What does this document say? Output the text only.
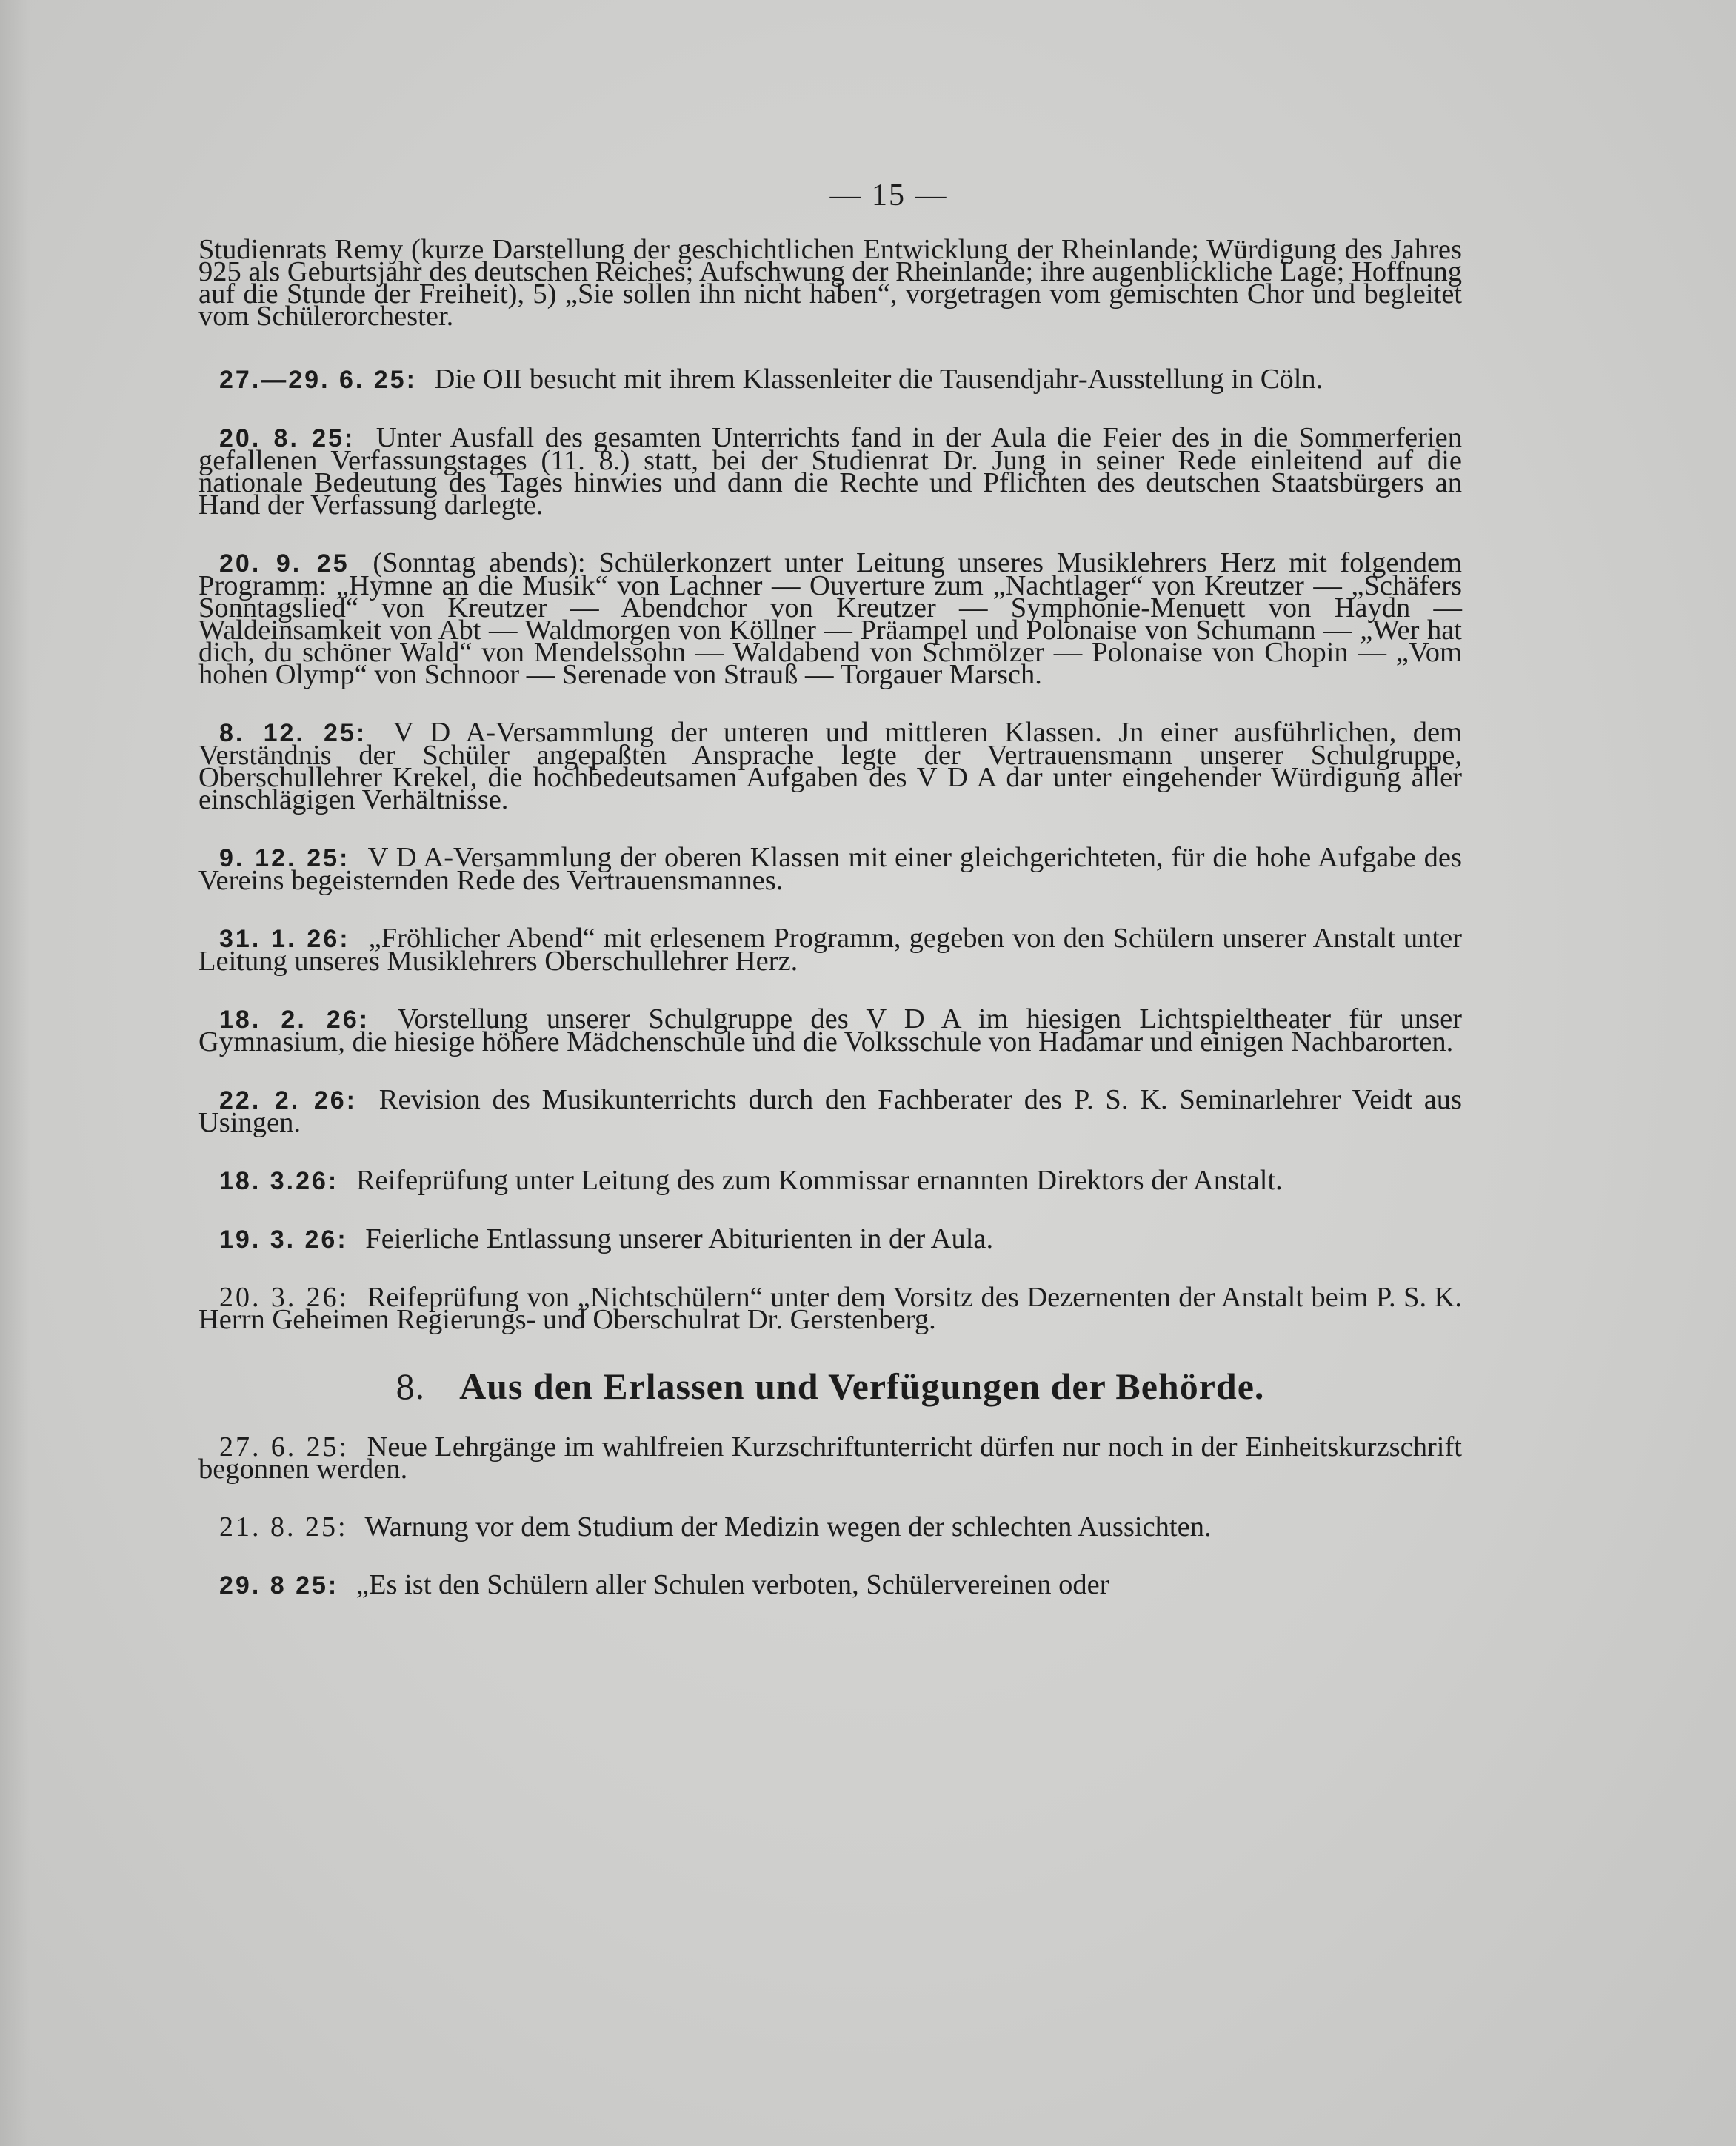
— 15 —

Studienrats Remy (kurze Darstellung der geschichtlichen Entwicklung der Rheinlande; Würdigung des Jahres 925 als Geburtsjahr des deutschen Reiches; Aufschwung der Rheinlande; ihre augenblickliche Lage; Hoffnung auf die Stunde der Freiheit), 5) „Sie sollen ihn nicht haben“, vorgetragen vom gemischten Chor und begleitet vom Schülerorchester.

27.—29. 6. 25: Die OII besucht mit ihrem Klassenleiter die Tausendjahr-Ausstellung in Cöln.

20. 8. 25: Unter Ausfall des gesamten Unterrichts fand in der Aula die Feier des in die Sommerferien gefallenen Verfassungstages (11. 8.) statt, bei der Studienrat Dr. Jung in seiner Rede einleitend auf die nationale Bedeutung des Tages hinwies und dann die Rechte und Pflichten des deutschen Staatsbürgers an Hand der Verfassung darlegte.

20. 9. 25 (Sonntag abends): Schülerkonzert unter Leitung unseres Musiklehrers Herz mit folgendem Programm: „Hymne an die Musik“ von Lachner — Ouverture zum „Nachtlager“ von Kreutzer — „Schäfers Sonntagslied“ von Kreutzer — Abendchor von Kreutzer — Symphonie-Menuett von Haydn — Waldeinsamkeit von Abt — Waldmorgen von Köllner — Präampel und Polonaise von Schumann — „Wer hat dich, du schöner Wald“ von Mendelssohn — Waldabend von Schmölzer — Polonaise von Chopin — „Vom hohen Olymp“ von Schnoor — Serenade von Strauß — Torgauer Marsch.

8. 12. 25: V D A-Versammlung der unteren und mittleren Klassen. Jn einer ausführlichen, dem Verständnis der Schüler angepaßten Ansprache legte der Vertrauensmann unserer Schulgruppe, Oberschullehrer Krekel, die hochbedeutsamen Aufgaben des V D A dar unter eingehender Würdigung aller einschlägigen Verhältnisse.

9. 12. 25: V D A-Versammlung der oberen Klassen mit einer gleichgerichteten, für die hohe Aufgabe des Vereins begeisternden Rede des Vertrauensmannes.

31. 1. 26: „Fröhlicher Abend“ mit erlesenem Programm, gegeben von den Schülern unserer Anstalt unter Leitung unseres Musiklehrers Oberschullehrer Herz.

18. 2. 26: Vorstellung unserer Schulgruppe des V D A im hiesigen Lichtspieltheater für unser Gymnasium, die hiesige höhere Mädchenschule und die Volksschule von Hadamar und einigen Nachbarorten.

22. 2. 26: Revision des Musikunterrichts durch den Fachberater des P. S. K. Seminarlehrer Veidt aus Usingen.

18. 3.26: Reifeprüfung unter Leitung des zum Kommissar ernannten Direktors der Anstalt.

19. 3. 26: Feierliche Entlassung unserer Abiturienten in der Aula.

20. 3. 26: Reifeprüfung von „Nichtschülern“ unter dem Vorsitz des Dezernenten der Anstalt beim P. S. K. Herrn Geheimen Regierungs- und Oberschulrat Dr. Gerstenberg.

8. Aus den Erlassen und Verfügungen der Behörde.

27. 6. 25: Neue Lehrgänge im wahlfreien Kurzschriftunterricht dürfen nur noch in der Einheitskurzschrift begonnen werden.

21. 8. 25: Warnung vor dem Studium der Medizin wegen der schlechten Aussichten.

29. 8 25: „Es ist den Schülern aller Schulen verboten, Schülervereinen oder
